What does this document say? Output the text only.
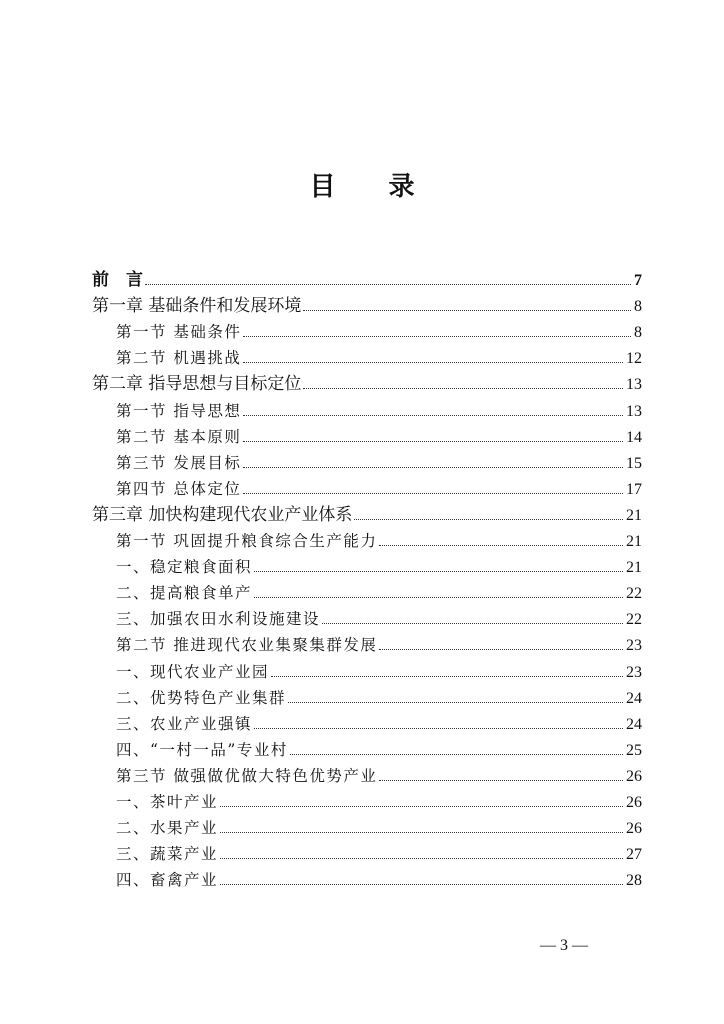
目 录
前　言	7
第一章 基础条件和发展环境	8
第一节 基础条件	8
第二节 机遇挑战	12
第二章 指导思想与目标定位	13
第一节 指导思想	13
第二节 基本原则	14
第三节 发展目标	15
第四节 总体定位	17
第三章 加快构建现代农业产业体系	21
第一节 巩固提升粮食综合生产能力	21
一、稳定粮食面积	21
二、提高粮食单产	22
三、加强农田水利设施建设	22
第二节 推进现代农业集聚集群发展	23
一、现代农业产业园	23
二、优势特色产业集群	24
三、农业产业强镇	24
四、“一村一品”专业村	25
第三节 做强做优做大特色优势产业	26
一、茶叶产业	26
二、水果产业	26
三、蔬菜产业	27
四、畜禽产业	28
— 3 —
